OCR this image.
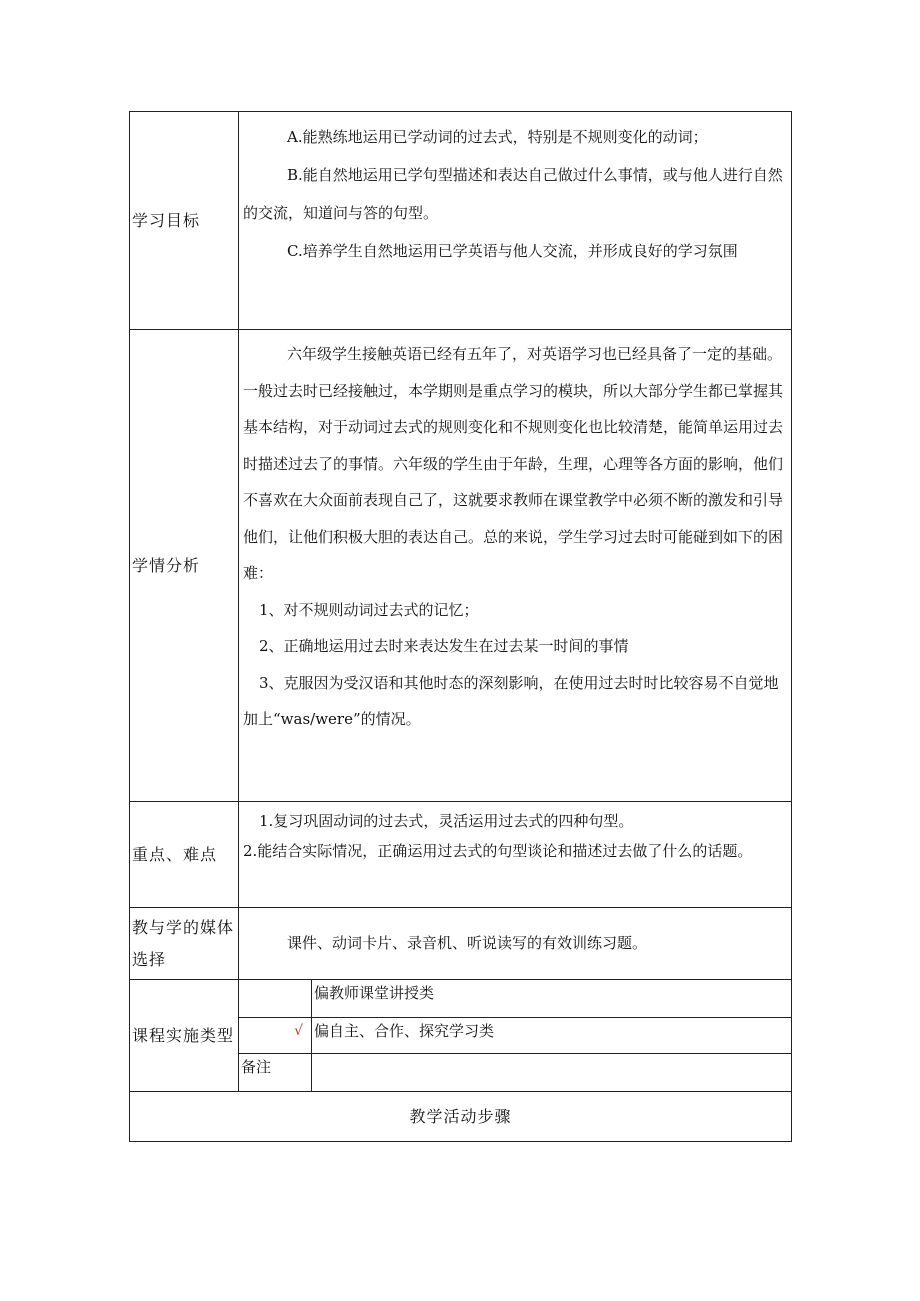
学习目标	A.能熟练地运用已学动词的过去式，特别是不规则变化的动词；

B.能自然地运用已学句型描述和表达自己做过什么事情，或与他人进行自然的交流，知道问与答的句型。

C.培养学生自然地运用已学英语与他人交流，并形成良好的学习氛围	

学情分析	六年级学生接触英语已经有五年了，对英语学习也已经具备了一定的基础。一般过去时已经接触过，本学期则是重点学习的模块，所以大部分学生都已掌握其基本结构，对于动词过去式的规则变化和不规则变化也比较清楚，能简单运用过去时描述过去了的事情。六年级的学生由于年龄，生理，心理等各方面的影响，他们不喜欢在大众面前表现自己了，这就要求教师在课堂教学中必须不断的激发和引导他们，让他们积极大胆的表达自己。总的来说，学生学习过去时可能碰到如下的困难：

1、对不规则动词过去式的记忆；

2、正确地运用过去时来表达发生在过去某一时间的事情

3、克服因为受汉语和其他时态的深刻影响，在使用过去时时比较容易不自觉地加上“was/were”的情况。	

重点、难点	1.复习巩固动词的过去式，灵活运用过去式的四种句型。

2.能结合实际情况，正确运用过去式的句型谈论和描述过去做了什么的话题。	

教与学的媒体选择	课件、动词卡片、录音机、听说读写的有效训练习题。	

课程实施类型		偏教师课堂讲授类
	√	偏自主、合作、探究学习类
	备注	
教学活动步骤		
